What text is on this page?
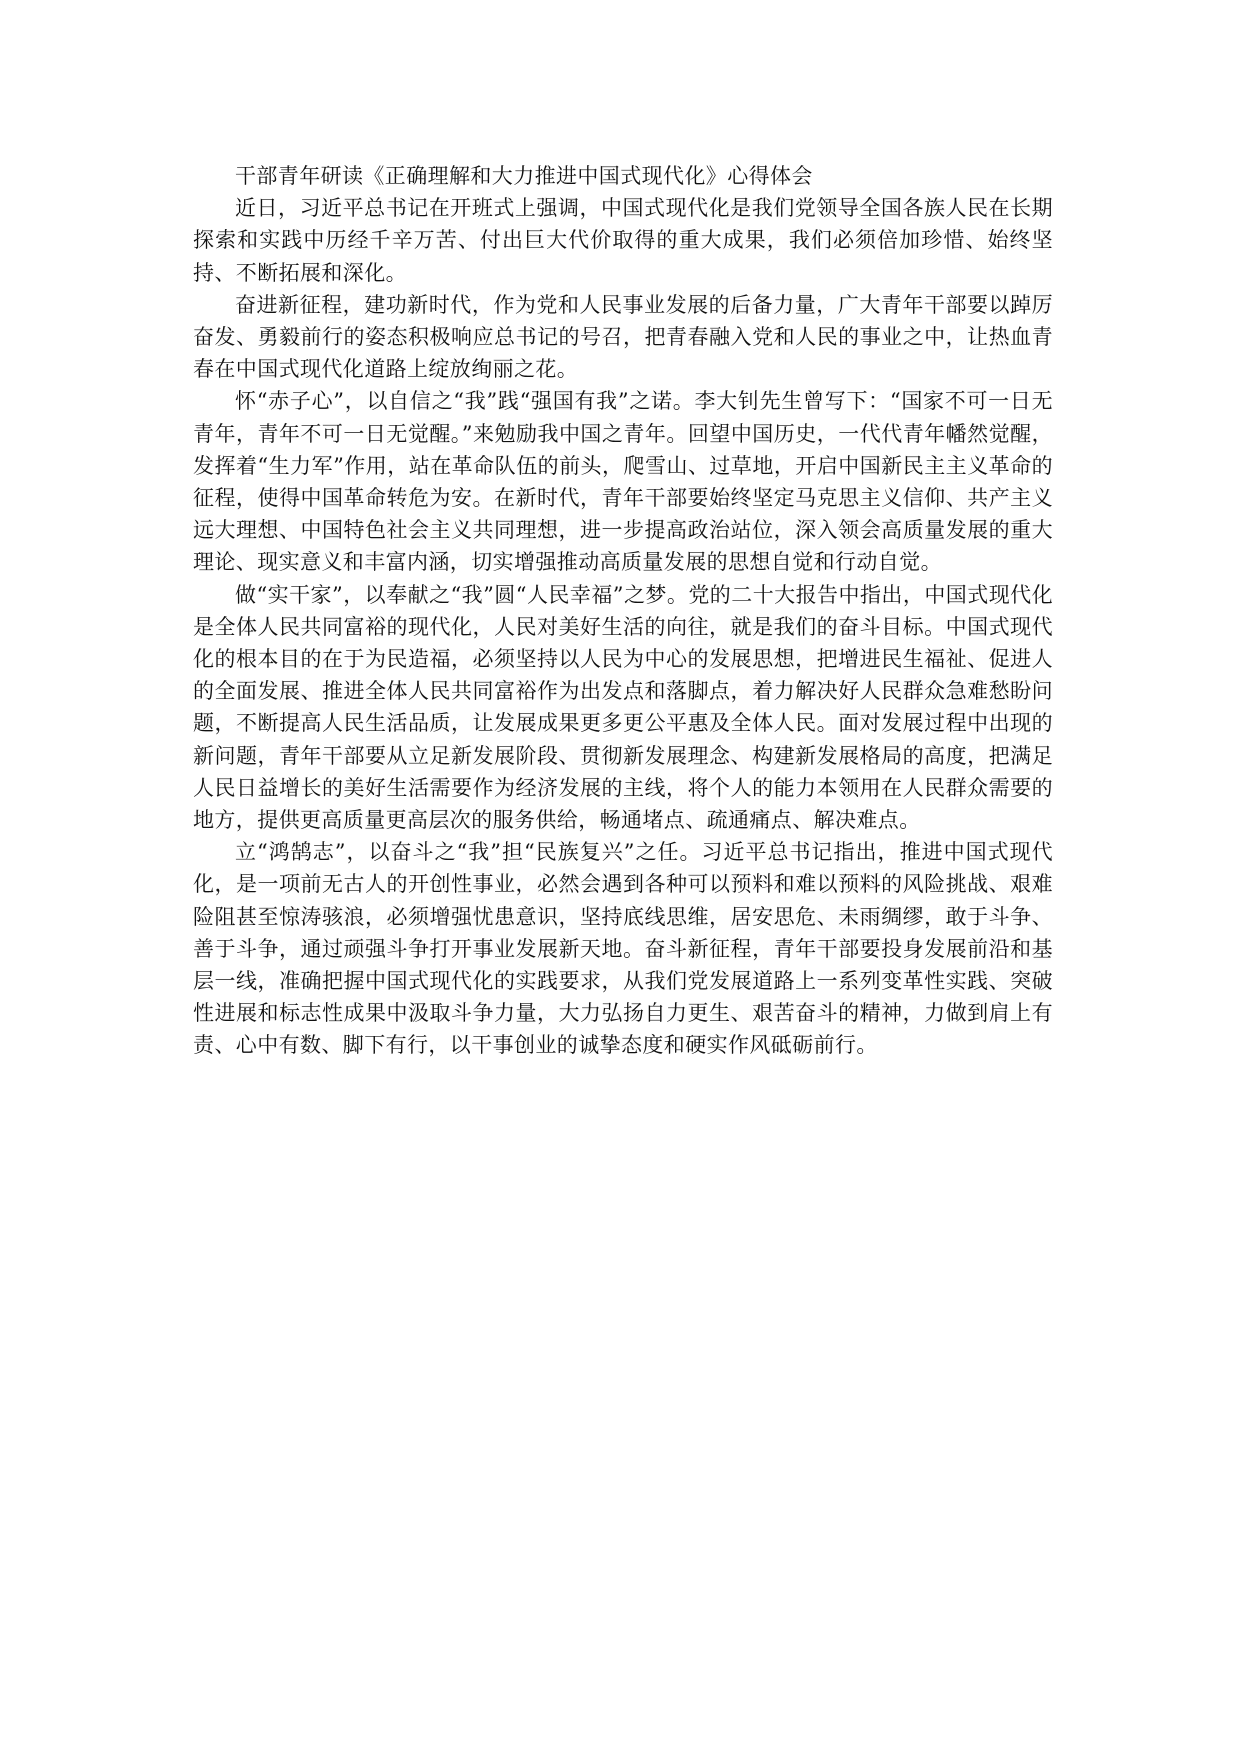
干部青年研读《正确理解和大力推进中国式现代化》心得体会

近日，习近平总书记在开班式上强调，中国式现代化是我们党领导全国各族人民在长期探索和实践中历经千辛万苦、付出巨大代价取得的重大成果，我们必须倍加珍惜、始终坚持、不断拓展和深化。

奋进新征程，建功新时代，作为党和人民事业发展的后备力量，广大青年干部要以踔厉奋发、勇毅前行的姿态积极响应总书记的号召，把青春融入党和人民的事业之中，让热血青春在中国式现代化道路上绽放绚丽之花。

怀“赤子心”，以自信之“我”践“强国有我”之诺。李大钊先生曾写下：“国家不可一日无青年，青年不可一日无觉醒。”来勉励我中国之青年。回望中国历史，一代代青年幡然觉醒，发挥着“生力军”作用，站在革命队伍的前头，爬雪山、过草地，开启中国新民主主义革命的征程，使得中国革命转危为安。在新时代，青年干部要始终坚定马克思主义信仰、共产主义远大理想、中国特色社会主义共同理想，进一步提高政治站位，深入领会高质量发展的重大理论、现实意义和丰富内涵，切实增强推动高质量发展的思想自觉和行动自觉。

做“实干家”，以奉献之“我”圆“人民幸福”之梦。党的二十大报告中指出，中国式现代化是全体人民共同富裕的现代化，人民对美好生活的向往，就是我们的奋斗目标。中国式现代化的根本目的在于为民造福，必须坚持以人民为中心的发展思想，把增进民生福祉、促进人的全面发展、推进全体人民共同富裕作为出发点和落脚点，着力解决好人民群众急难愁盼问题，不断提高人民生活品质，让发展成果更多更公平惠及全体人民。面对发展过程中出现的新问题，青年干部要从立足新发展阶段、贯彻新发展理念、构建新发展格局的高度，把满足人民日益增长的美好生活需要作为经济发展的主线，将个人的能力本领用在人民群众需要的地方，提供更高质量更高层次的服务供给，畅通堵点、疏通痛点、解决难点。

立“鸿鹄志”，以奋斗之“我”担“民族复兴”之任。习近平总书记指出，推进中国式现代化，是一项前无古人的开创性事业，必然会遇到各种可以预料和难以预料的风险挑战、艰难险阻甚至惊涛骇浪，必须增强忧患意识，坚持底线思维，居安思危、未雨绸缪，敢于斗争、善于斗争，通过顽强斗争打开事业发展新天地。奋斗新征程，青年干部要投身发展前沿和基层一线，准确把握中国式现代化的实践要求，从我们党发展道路上一系列变革性实践、突破性进展和标志性成果中汲取斗争力量，大力弘扬自力更生、艰苦奋斗的精神，力做到肩上有责、心中有数、脚下有行，以干事创业的诚挚态度和硬实作风砥砺前行。
